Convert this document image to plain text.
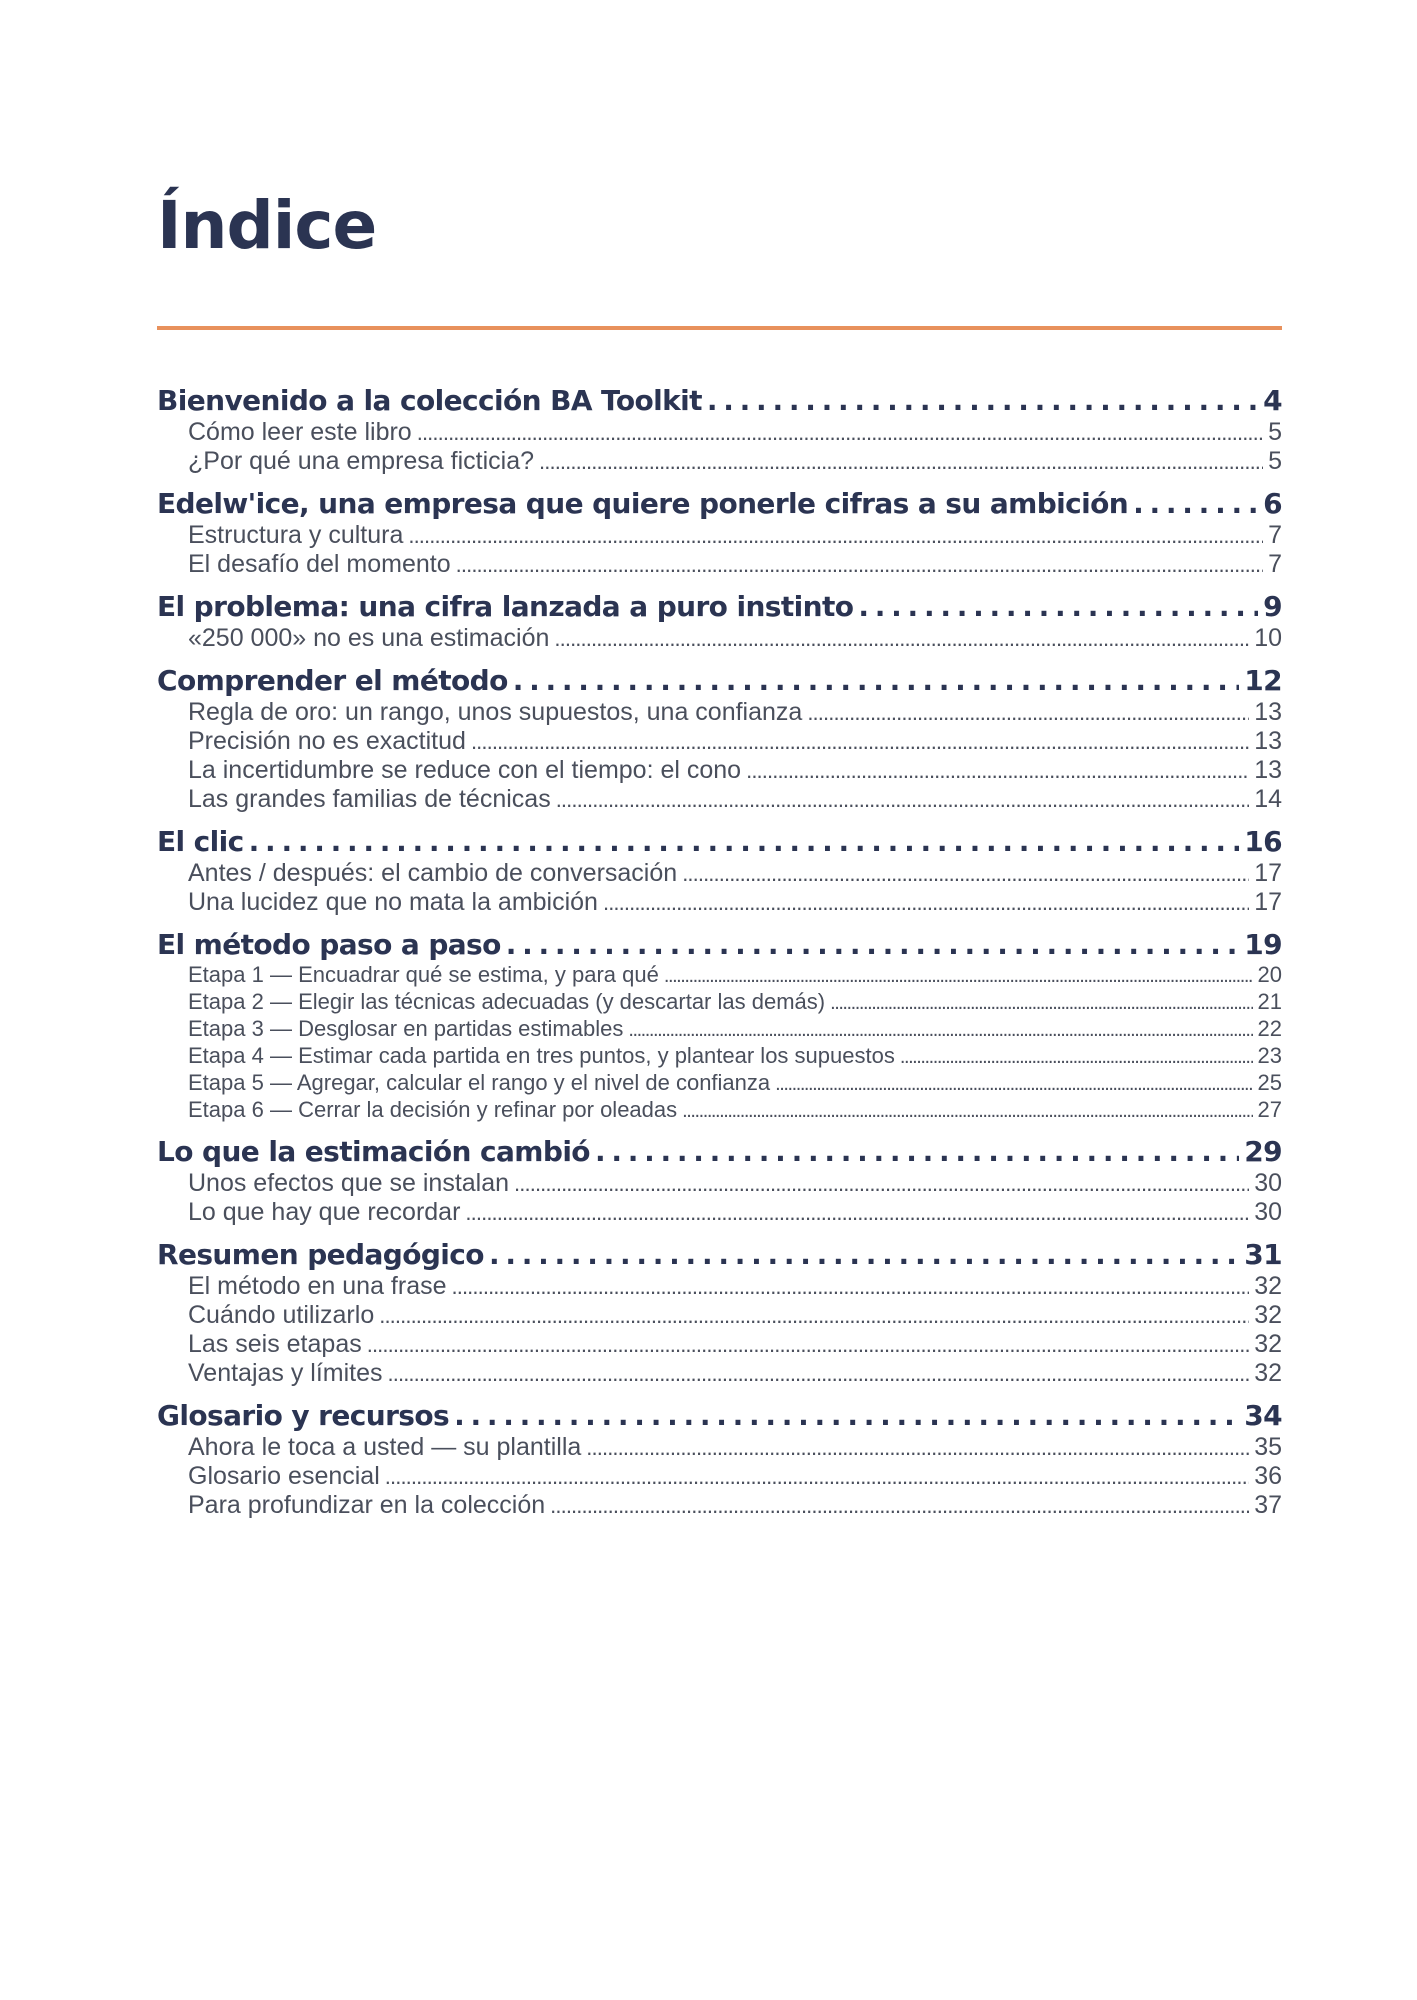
Índice
Bienvenido a la colección BA Toolkit . . .	4
Cómo leer este libro . . .	5
¿Por qué una empresa ficticia? . . .	5
Edelw'ice, una empresa que quiere ponerle cifras a su ambición . . .	6
Estructura y cultura . . .	7
El desafío del momento . . .	7
El problema: una cifra lanzada a puro instinto . . .	9
«250 000» no es una estimación . . .	10
Comprender el método . . .	12
Regla de oro: un rango, unos supuestos, una confianza . . .	13
Precisión no es exactitud . . .	13
La incertidumbre se reduce con el tiempo: el cono . . .	13
Las grandes familias de técnicas . . .	14
El clic . . .	16
Antes / después: el cambio de conversación . . .	17
Una lucidez que no mata la ambición . . .	17
El método paso a paso . . .	19
Etapa 1 — Encuadrar qué se estima, y para qué . . .	20
Etapa 2 — Elegir las técnicas adecuadas (y descartar las demás) . . .	21
Etapa 3 — Desglosar en partidas estimables . . .	22
Etapa 4 — Estimar cada partida en tres puntos, y plantear los supuestos . . .	23
Etapa 5 — Agregar, calcular el rango y el nivel de confianza . . .	25
Etapa 6 — Cerrar la decisión y refinar por oleadas . . .	27
Lo que la estimación cambió . . .	29
Unos efectos que se instalan . . .	30
Lo que hay que recordar . . .	30
Resumen pedagógico . . .	31
El método en una frase . . .	32
Cuándo utilizarlo . . .	32
Las seis etapas . . .	32
Ventajas y límites . . .	32
Glosario y recursos . . .	34
Ahora le toca a usted — su plantilla . . .	35
Glosario esencial . . .	36
Para profundizar en la colección . . .	37
